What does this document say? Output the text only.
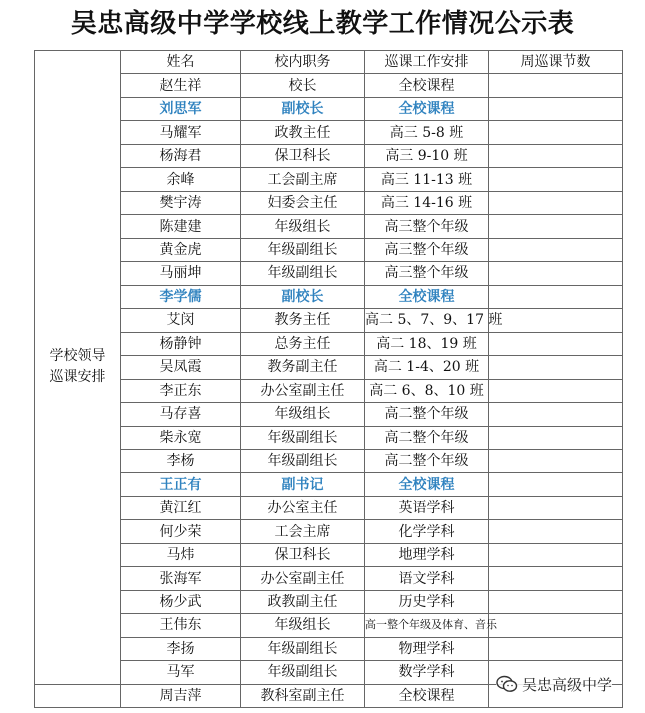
吴忠高级中学学校线上教学工作情况公示表
学校领导
巡课安排	姓名	校内职务	巡课工作安排	周巡课节数
	赵生祥	校长	全校课程	
	刘思军	副校长	全校课程	
	马耀军	政教主任	高三 5-8 班	
	杨海君	保卫科长	高三 9-10 班	
	余峰	工会副主席	高三 11-13 班	
	樊宇涛	妇委会主任	高三 14-16 班	
	陈建建	年级组长	高三整个年级	
	黄金虎	年级副组长	高三整个年级	
	马丽坤	年级副组长	高三整个年级	
	李学儒	副校长	全校课程	
	艾闵	教务主任	高二 5、7、9、17 班	
	杨静钟	总务主任	高二 18、19 班	
	吴凤霞	教务副主任	高二 1-4、20 班	
	李正东	办公室副主任	高二 6、8、10 班	
	马存喜	年级组长	高二整个年级	
	柴永宽	年级副组长	高二整个年级	
	李杨	年级副组长	高二整个年级	
	王正有	副书记	全校课程	
	黄江红	办公室主任	英语学科	
	何少荣	工会主席	化学学科	
	马炜	保卫科长	地理学科	
	张海军	办公室副主任	语文学科	
	杨少武	政教副主任	历史学科	
	王伟东	年级组长	高一整个年级及体育、音乐	
	李扬	年级副组长	物理学科	
	马军	年级副组长	数学学科	
	周吉萍	教科室副主任	全校课程	
吴忠高级中学
